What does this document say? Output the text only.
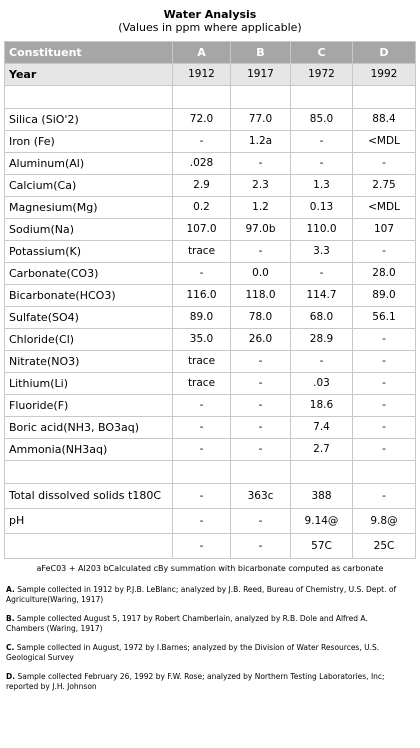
Water Analysis
(Values in ppm where applicable)
Constituent	A	B	C	D
Year	1912	1917	1972	1992

Silica (SiO'2)	72.0	77.0	85.0	88.4
Iron (Fe)	-	1.2a	-	<MDL
Aluminum(Al)	.028	-	-	-
Calcium(Ca)	2.9	2.3	1.3	2.75
Magnesium(Mg)	0.2	1.2	0.13	<MDL
Sodium(Na)	107.0	97.0b	110.0	107
Potassium(K)	trace	-	3.3	-
Carbonate(CO3)	-	0.0	-	28.0
Bicarbonate(HCO3)	116.0	118.0	114.7	89.0
Sulfate(SO4)	89.0	78.0	68.0	56.1
Chloride(Cl)	35.0	26.0	28.9	-
Nitrate(NO3)	trace	-	-	-
Lithium(Li)	trace	-	.03	-
Fluoride(F)	-	-	18.6	-
Boric acid(NH3, BO3aq)	-	-	7.4	-
Ammonia(NH3aq)	-	-	2.7	-

Total dissolved solids t180C	-	363c	388	-
pH	-	-	9.14@	9.8@
	-	-	57C	25C
aFeC03 + Al203 bCalculated cBy summation with bicarbonate computed as carbonate
A. Sample collected in 1912 by P.J.B. LeBlanc; analyzed by J.B. Reed, Bureau of Chemistry, U.S. Dept. of Agriculture(Waring, 1917)
B. Sample collected August 5, 1917 by Robert Chamberlain, analyzed by R.B. Dole and Alfred A. Chambers (Waring, 1917)
C. Sample collected in August, 1972 by I.Barnes; analyzed by the Division of Water Resources, U.S. Geological Survey
D. Sample collected February 26, 1992 by F.W. Rose; analyzed by Northern Testing Laboratories, Inc; reported by J.H. Johnson
